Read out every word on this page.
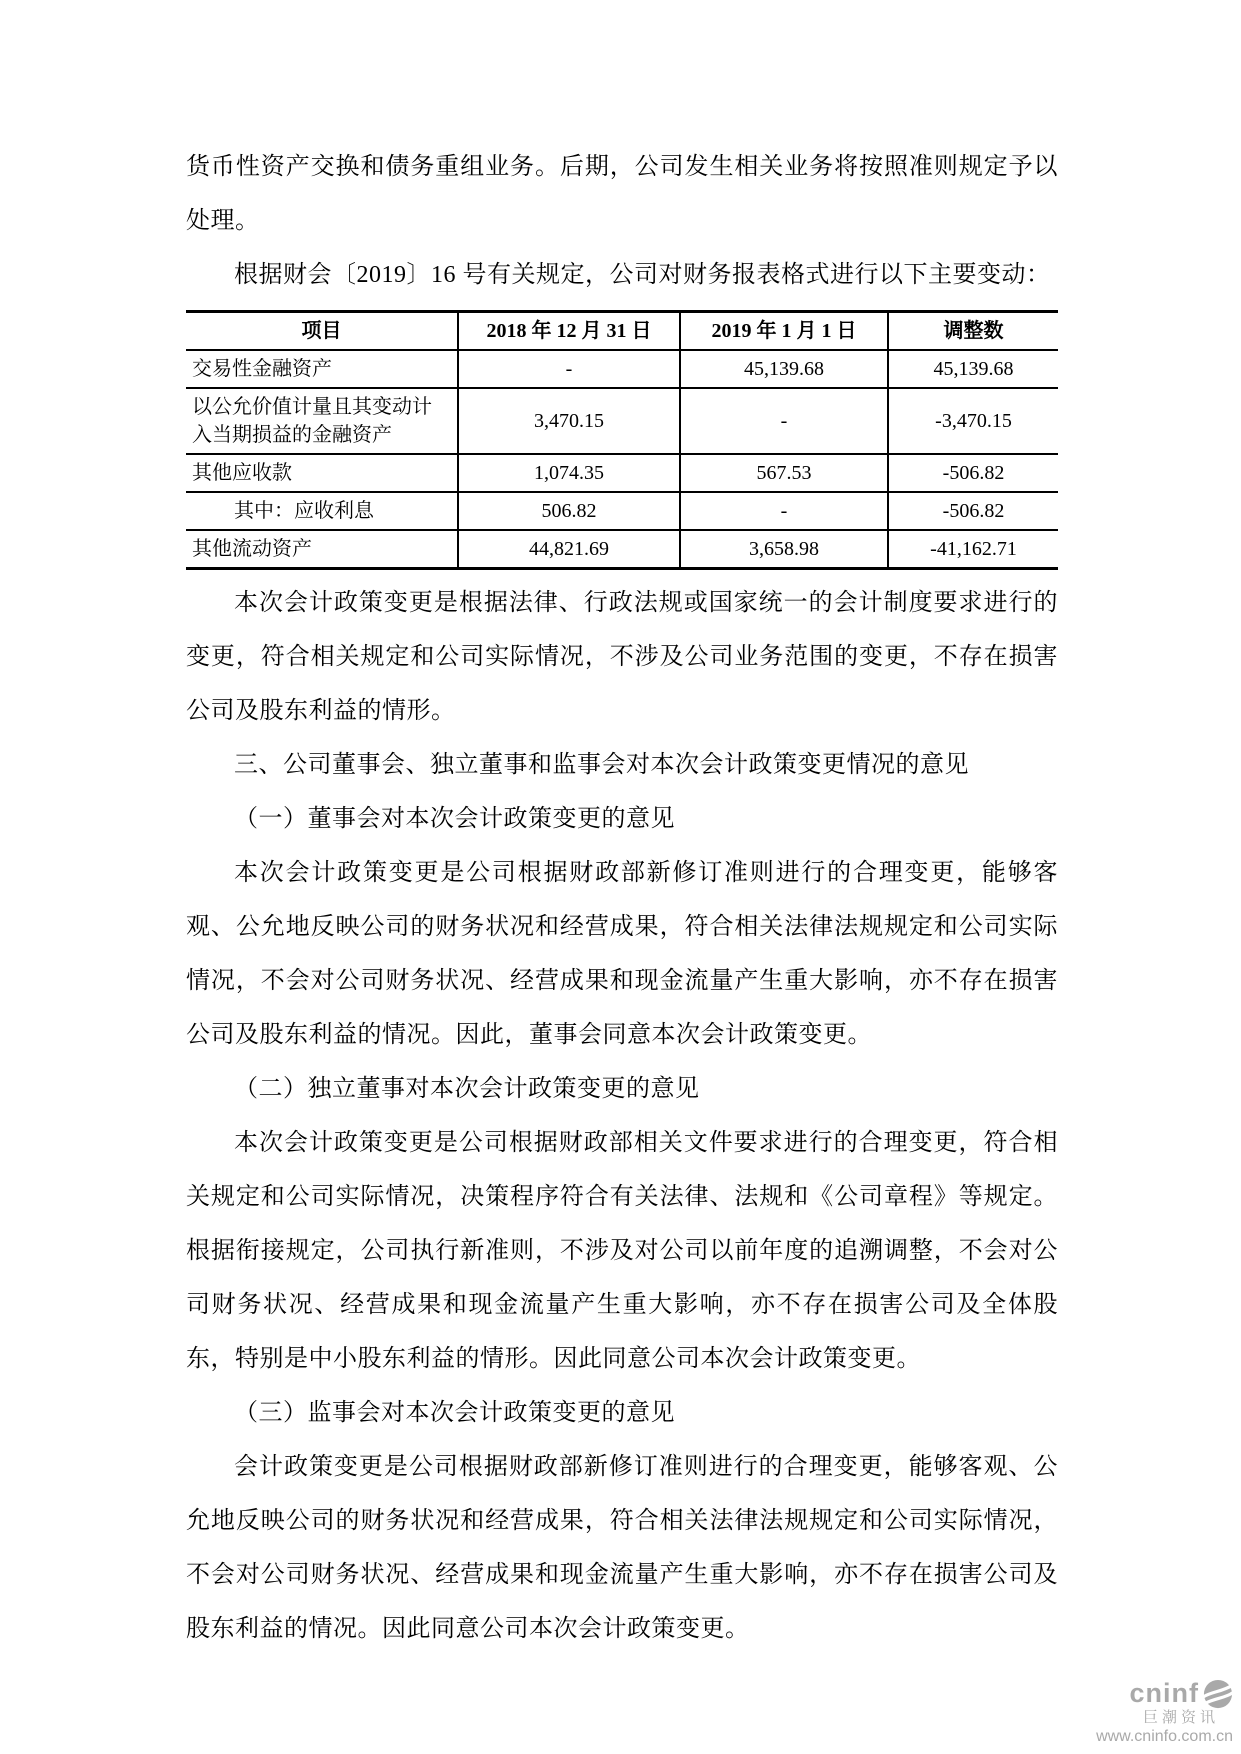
货币性资产交换和债务重组业务。后期，公司发生相关业务将按照准则规定予以处理。

根据财会〔2019〕16 号有关规定，公司对财务报表格式进行以下主要变动：

项目	2018 年 12 月 31 日	2019 年 1 月 1 日	调整数
交易性金融资产	-	45,139.68	45,139.68
以公允价值计量且其变动计入当期损益的金融资产	3,470.15	-	-3,470.15
其他应收款	1,074.35	567.53	-506.82
其中：应收利息	506.82	-	-506.82
其他流动资产	44,821.69	3,658.98	-41,162.71

本次会计政策变更是根据法律、行政法规或国家统一的会计制度要求进行的变更，符合相关规定和公司实际情况，不涉及公司业务范围的变更，不存在损害公司及股东利益的情形。

三、公司董事会、独立董事和监事会对本次会计政策变更情况的意见

（一）董事会对本次会计政策变更的意见

本次会计政策变更是公司根据财政部新修订准则进行的合理变更，能够客观、公允地反映公司的财务状况和经营成果，符合相关法律法规规定和公司实际情况，不会对公司财务状况、经营成果和现金流量产生重大影响，亦不存在损害公司及股东利益的情况。因此，董事会同意本次会计政策变更。

（二）独立董事对本次会计政策变更的意见

本次会计政策变更是公司根据财政部相关文件要求进行的合理变更，符合相关规定和公司实际情况，决策程序符合有关法律、法规和《公司章程》等规定。根据衔接规定，公司执行新准则，不涉及对公司以前年度的追溯调整，不会对公司财务状况、经营成果和现金流量产生重大影响，亦不存在损害公司及全体股东，特别是中小股东利益的情形。因此同意公司本次会计政策变更。

（三）监事会对本次会计政策变更的意见

会计政策变更是公司根据财政部新修订准则进行的合理变更，能够客观、公允地反映公司的财务状况和经营成果，符合相关法律法规规定和公司实际情况，不会对公司财务状况、经营成果和现金流量产生重大影响，亦不存在损害公司及股东利益的情况。因此同意公司本次会计政策变更。

cninf
巨潮资讯
www.cninfo.com.cn
